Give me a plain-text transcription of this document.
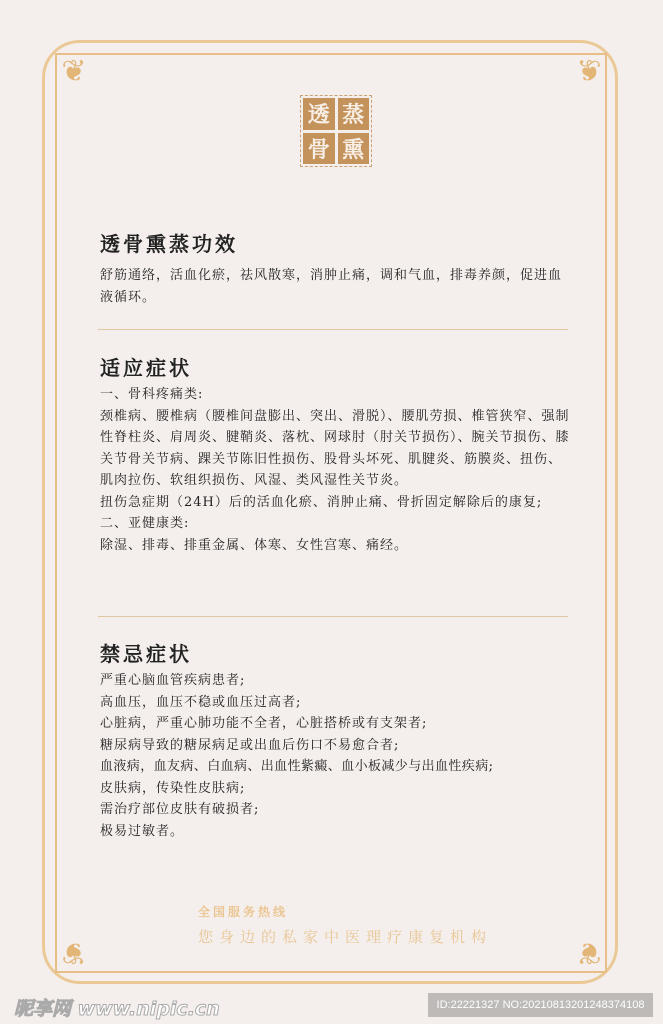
❦	❦
❦	❦
透 蒸
骨 熏
透骨熏蒸功效
舒筋通络，活血化瘀，祛风散寒，消肿止痛，调和气血，排毒养颜，促进血液循环。
适应症状
一、骨科疼痛类:
颈椎病、腰椎病（腰椎间盘膨出、突出、滑脱）、腰肌劳损、椎管狭窄、强制性脊柱炎、肩周炎、腱鞘炎、落枕、网球肘（肘关节损伤）、腕关节损伤、膝关节骨关节病、踝关节陈旧性损伤、股骨头坏死、肌腱炎、筋膜炎、扭伤、肌肉拉伤、软组织损伤、风湿、类风湿性关节炎。
扭伤急症期（24H）后的活血化瘀、消肿止痛、骨折固定解除后的康复;
二、亚健康类:
除湿、排毒、排重金属、体寒、女性宫寒、痛经。
禁忌症状
严重心脑血管疾病患者;
高血压，血压不稳或血压过高者;
心脏病，严重心肺功能不全者，心脏搭桥或有支架者;
糖尿病导致的糖尿病足或出血后伤口不易愈合者;
血液病，血友病、白血病、出血性紫癜、血小板减少与出血性疾病;
皮肤病，传染性皮肤病;
需治疗部位皮肤有破损者;
极易过敏者。
全国服务热线
您身边的私家中医理疗康复机构
昵享网 www.nipic.cn	ID:22221327 NO:20210813201248374108
